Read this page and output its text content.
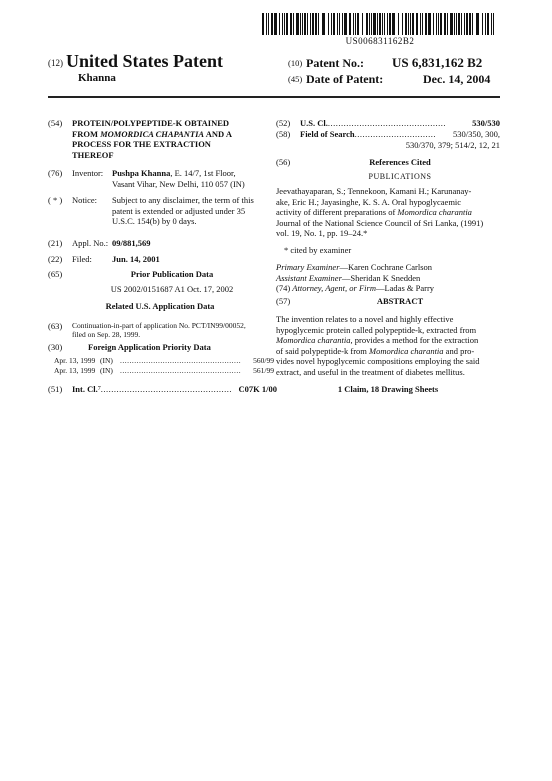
US006831162B2
(12) United States Patent
Khanna
(10) Patent No.: US 6,831,162 B2
(45) Date of Patent:	Dec. 14, 2004
(54) PROTEIN/POLYPEPTIDE-K OBTAINED
FROM MOMORDICA CHAPANTIA AND A
PROCESS FOR THE EXTRACTION
THEREOF
(76) Inventor: Pushpa Khanna, E. 14/7, 1st Floor,
Vasant Vihar, New Delhi, 110 057 (IN)
( * ) Notice: Subject to any disclaimer, the term of this
patent is extended or adjusted under 35
U.S.C. 154(b) by 0 days.
(21) Appl. No.: 09/881,569
(22) Filed: Jun. 14, 2001
(65)	Prior Publication Data
US 2002/0151687 A1 Oct. 17, 2002
Related U.S. Application Data
(63) Continuation-in-part of application No. PCT/IN99/00052,
filed on Sep. 28, 1999.
(30)	Foreign Application Priority Data
Apr. 13, 1999 (IN) ...................................................	560/99
Apr. 13, 1999 (IN) ...................................................	561/99
(51) Int. Cl. 7 .................................................. C07K 1/00
(52) U.S. Cl. .............................................	530/530
(58) Field of Search ...............................	530/350, 300,
530/370, 379; 514/2, 12, 21
(56)	References Cited
PUBLICATIONS
Jeevathayaparan, S.; Tennekoon, Kamani H.; Karunanay-
ake, Eric H.; Jayasinghe, K. S. A. Oral hypoglycaemic
activity of different preparations of Momordica charantia
Journal of the National Science Council of Sri Lanka, (1991)
vol. 19, No. 1, pp. 19–24.*
* cited by examiner
Primary Examiner—Karen Cochrane Carlson
Assistant Examiner—Sheridan K Snedden
(74) Attorney, Agent, or Firm—Ladas & Parry
(57)	ABSTRACT
The invention relates to a novel and highly effective
hypoglycemic protein called polypeptide-k, extracted from
Momordica charantia, provides a method for the extraction
of said polypeptide-k from Momordica charantia and pro-
vides novel hypoglycemic compositions employing the said
extract, and useful in the treatment of diabetes mellitus.
1 Claim, 18 Drawing Sheets
